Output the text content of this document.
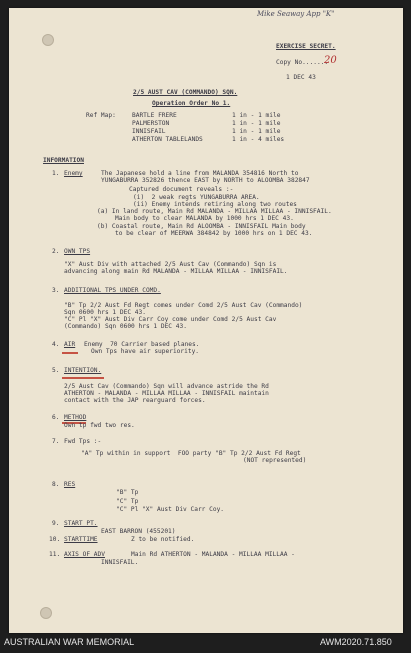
Mike Seaway App "K"
EXERCISE SECRET.
Copy No.......
20
1 DEC 43
2/5 AUST CAV (COMMANDO) SQN.
Operation Order No 1.
Ref Map:	BARTLE FRERE	1 in - 1 mile
PALMERSTON	1 in - 1 mile
INNISFAIL	1 in - 1 mile
ATHERTON TABLELANDS	1 in - 4 miles
INFORMATION
1. Enemy	The Japanese hold a line from MALANDA 354816 North to
YUNGABURRA 352826 thence EAST by NORTH to ALOOMBA 382847
Captured document reveals :-
(i)  2 weak regts YUNGABURRA AREA.
(ii) Enemy intends retiring along two routes
(a) In land route, Main Rd MALANDA - MILLAA MILLAA - INNISFAIL.
Main body to clear MALANDA by 1000 hrs 1 DEC 43.
(b) Coastal route, Main Rd ALOOMBA - INNISFAIL Main body
to be clear of MEERWA 384842 by 1000 hrs on 1 DEC 43.
2. OWN TPS
"X" Aust Div with attached 2/5 Aust Cav (Commando) Sqn is
advancing along main Rd MALANDA - MILLAA MILLAA - INNISFAIL.
3. ADDITIONAL TPS UNDER COMD.
"B" Tp 2/2 Aust Fd Regt comes under Comd 2/5 Aust Cav (Commando)
Sqn 0600 hrs 1 DEC 43.
"C" Pl "X" Aust Div Carr Coy come under Comd 2/5 Aust Cav
(Commando) Sqn 0600 hrs 1 DEC 43.
4. AIR Enemy  70 Carrier based planes.
Own Tps have air superiority.
5. INTENTION.
2/5 Aust Cav (Commando) Sqn will advance astride the Rd
ATHERTON - MALANDA - MILLAA MILLAA - INNISFAIL maintain
contact with the JAP rearguard forces.
6. METHOD
Own tp fwd two res.
7. Fwd Tps :-
"A" Tp within in support  FOO party "B" Tp 2/2 Aust Fd Regt
(NOT represented)
8. RES
"B" Tp
"C" Tp
"C" Pl "X" Aust Div Carr Coy.
9. START PT.
EAST BARRON (455201)
10. STARTTIME	Z to be notified.
11. AXIS OF ADV	Main Rd ATHERTON - MALANDA - MILLAA MILLAA -
INNISFAIL.
AUSTRALIAN WAR MEMORIAL	AWM2020.71.850
